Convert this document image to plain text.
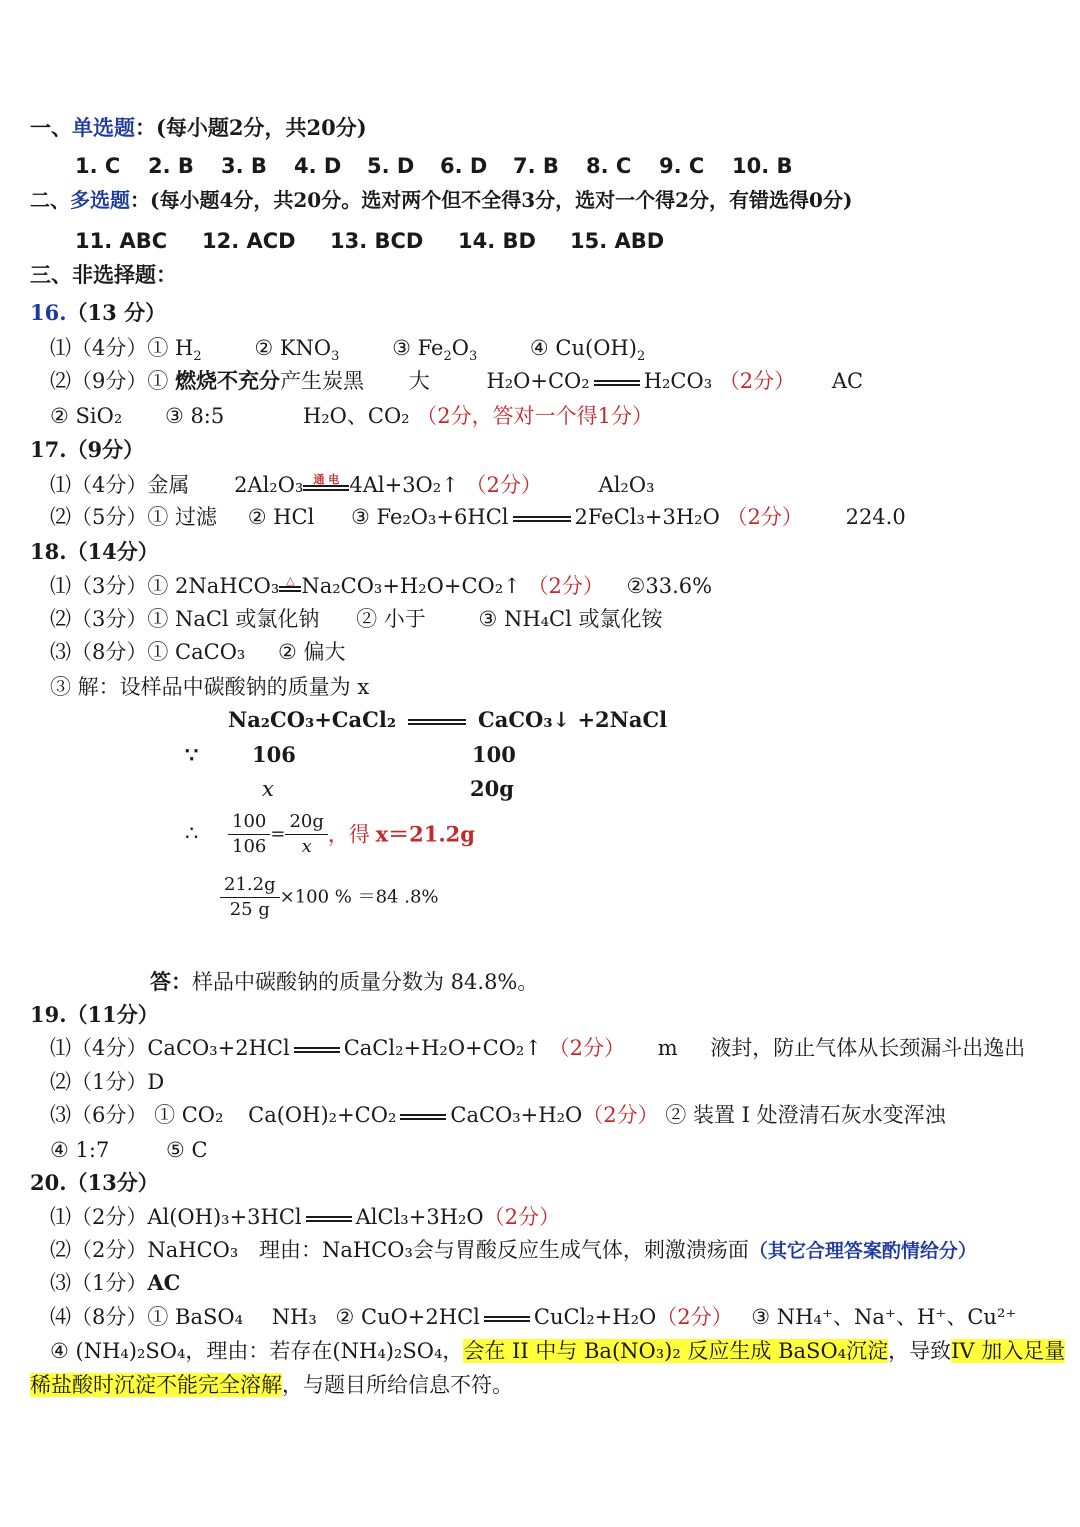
一、单选题：(每小题2分，共20分)
1. C 2. B 3. B 4. D 5. D 6. D 7. B 8. C 9. C 10. B
二、多选题：(每小题4分，共20分。选对两个但不全得3分，选对一个得2分，有错选得0分)
11. ABC 12. ACD 13. BCD 14. BD 15. ABD
三、非选择题：
16.（13 分）
⑴（4分）① $H_2$	② $KNO_3$	③ $Fe_2O_3$	④ $Cu(OH)_2$
⑵（9分）① 燃烧不充分产生炭黑 大	H₂O+CO₂	H₂CO₃ （2分） AC
② SiO₂ ③ 8:5	H₂O、CO₂ （2分，答对一个得1分）
17.（9分）
⑴（4分）金属 2Al₂O₃ 通 电 4Al+3O₂↑ （2分）	Al₂O₃
⑵（5分）① 过滤 ② HCl ③ Fe₂O₃+6HCl	2FeCl₃+3H₂O （2分） 224.0
18.（14分）
⑴（3分）① 2NaHCO₃ △ Na₂CO₃+H₂O+CO₂↑ （2分） ②33.6%
⑵（3分）① NaCl 或氯化钠 ② 小于	③ NH₄Cl 或氯化铵
⑶（8分）① CaCO₃ ② 偏大
③ 解：设样品中碳酸钠的质量为 x
Na₂CO₃+CaCl₂	CaCO₃↓ +2NaCl
∵	106	100
x	20g
∴ $\frac{100}{106} = \frac{20g}{x}$ ，得 x＝21.2g
$\frac{21.2g}{25 g} \times 100$ % ＝84 .8%
答：样品中碳酸钠的质量分数为 84.8%。
19.（11分）
⑴（4分）CaCO₃+2HCl	CaCl₂+H₂O+CO₂↑ （2分） m 液封，防止气体从长颈漏斗出逸出
⑵（1分）D
⑶（6分） ① CO₂ Ca(OH)₂+CO₂	CaCO₃+H₂O（2分） ② 装置 I 处澄清石灰水变浑浊
④ 1:7	⑤ C
20.（13分）
⑴（2分）Al(OH)₃+3HCl	AlCl₃+3H₂O（2分）
⑵（2分）NaHCO₃ 理由：NaHCO₃会与胃酸反应生成气体，刺激溃疡面（其它合理答案酌情给分）
⑶（1分）AC
⑷（8分）① BaSO₄ NH₃ ② CuO+2HCl	CuCl₂+H₂O（2分） ③ NH₄⁺、Na⁺、H⁺、Cu²⁺
④ (NH₄)₂SO₄，理由：若存在(NH₄)₂SO₄，会在 II 中与 Ba(NO₃)₂ 反应生成 BaSO₄沉淀，导致IV 加入足量
稀盐酸时沉淀不能完全溶解，与题目所给信息不符。
